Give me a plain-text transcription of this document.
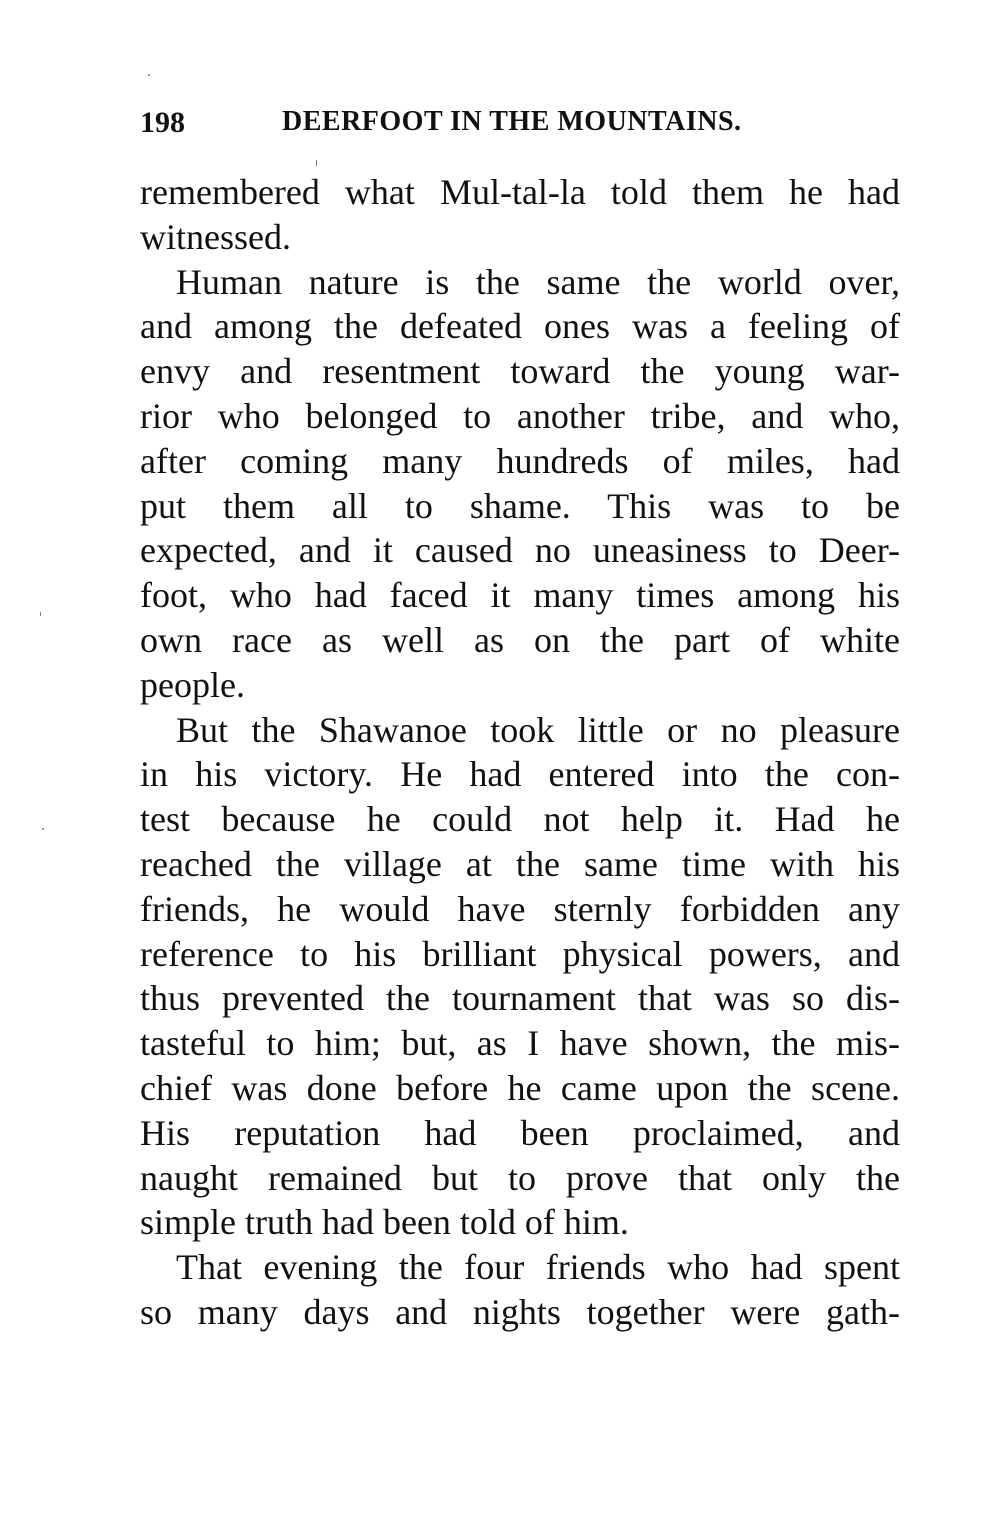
198	DEERFOOT IN THE MOUNTAINS.
remembered what Mul-tal-la told them he had
witnessed.
Human nature is the same the world over,
and among the defeated ones was a feeling of
envy and resentment toward the young war-
rior who belonged to another tribe, and who,
after coming many hundreds of miles, had
put them all to shame. This was to be
expected, and it caused no uneasiness to Deer-
foot, who had faced it many times among his
own race as well as on the part of white
people.
But the Shawanoe took little or no pleasure
in his victory. He had entered into the con-
test because he could not help it. Had he
reached the village at the same time with his
friends, he would have sternly forbidden any
reference to his brilliant physical powers, and
thus prevented the tournament that was so dis-
tasteful to him; but, as I have shown, the mis-
chief was done before he came upon the scene.
His reputation had been proclaimed, and
naught remained but to prove that only the
simple truth had been told of him.
That evening the four friends who had spent
so many days and nights together were gath-
